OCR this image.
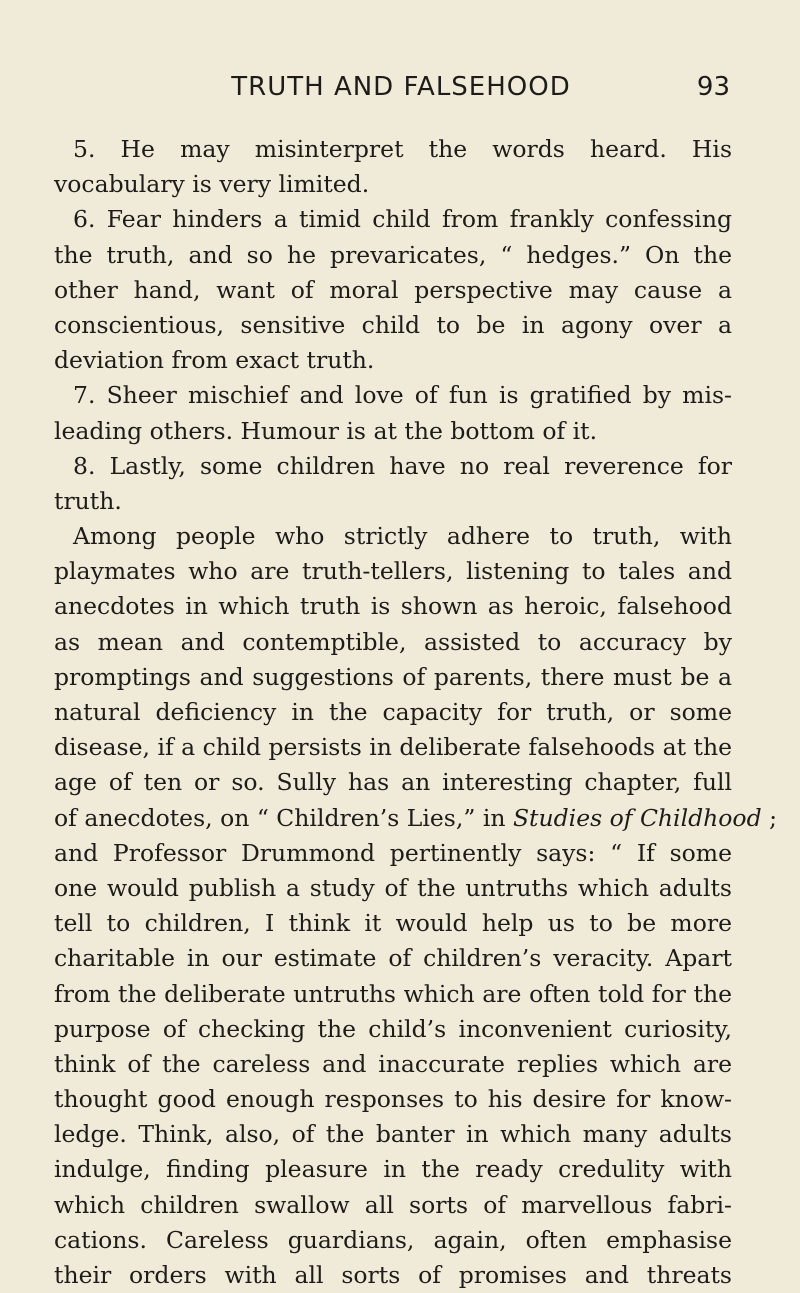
TRUTH AND FALSEHOOD	93
5. He may misinterpret the words heard. His
vocabulary is very limited.
6. Fear hinders a timid child from frankly confessing
the truth, and so he prevaricates, “ hedges.” On the
other hand, want of moral perspective may cause a
conscientious, sensitive child to be in agony over a
deviation from exact truth.
7. Sheer mischief and love of fun is gratified by mis-
leading others. Humour is at the bottom of it.
8. Lastly, some children have no real reverence for
truth.
Among people who strictly adhere to truth, with
playmates who are truth-tellers, listening to tales and
anecdotes in which truth is shown as heroic, falsehood
as mean and contemptible, assisted to accuracy by
promptings and suggestions of parents, there must be a
natural deficiency in the capacity for truth, or some
disease, if a child persists in deliberate falsehoods at the
age of ten or so. Sully has an interesting chapter, full
of anecdotes, on “ Children’s Lies,” in Studies of Childhood ;
and Professor Drummond pertinently says: “ If some
one would publish a study of the untruths which adults
tell to children, I think it would help us to be more
charitable in our estimate of children’s veracity. Apart
from the deliberate untruths which are often told for the
purpose of checking the child’s inconvenient curiosity,
think of the careless and inaccurate replies which are
thought good enough responses to his desire for know-
ledge. Think, also, of the banter in which many adults
indulge, finding pleasure in the ready credulity with
which children swallow all sorts of marvellous fabri-
cations. Careless guardians, again, often emphasise
their orders with all sorts of promises and threats
